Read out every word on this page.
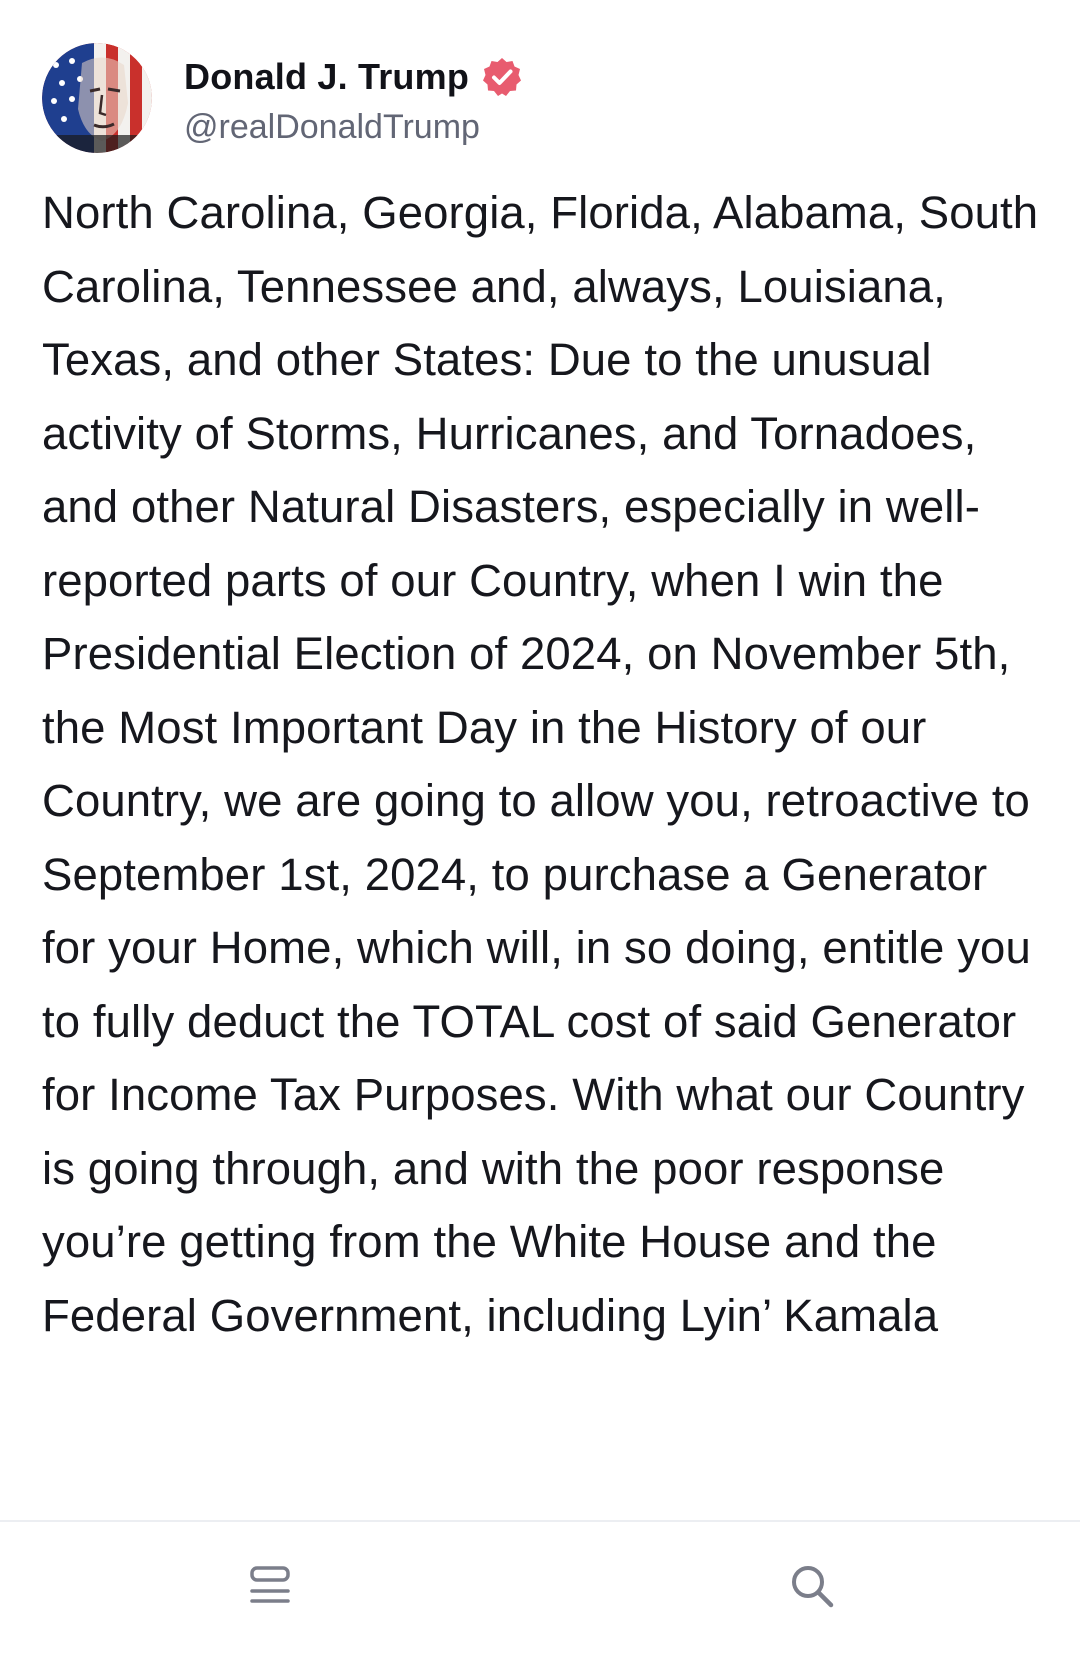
Donald J. Trump
@realDonaldTrump
North Carolina, Georgia, Florida, Alabama, South Carolina, Tennessee and, always, Louisiana, Texas, and other States: Due to the unusual activity of Storms, Hurricanes, and Tornadoes, and other Natural Disasters, especially in well-reported parts of our Country, when I win the Presidential Election of 2024, on November 5th, the Most Important Day in the History of our Country, we are going to allow you, retroactive to September 1st, 2024, to purchase a Generator for your Home, which will, in so doing, entitle you to fully deduct the TOTAL cost of said Generator for Income Tax Purposes. With what our Country is going through, and with the poor response you’re getting from the White House and the Federal Government, including Lyin’ Kamala
